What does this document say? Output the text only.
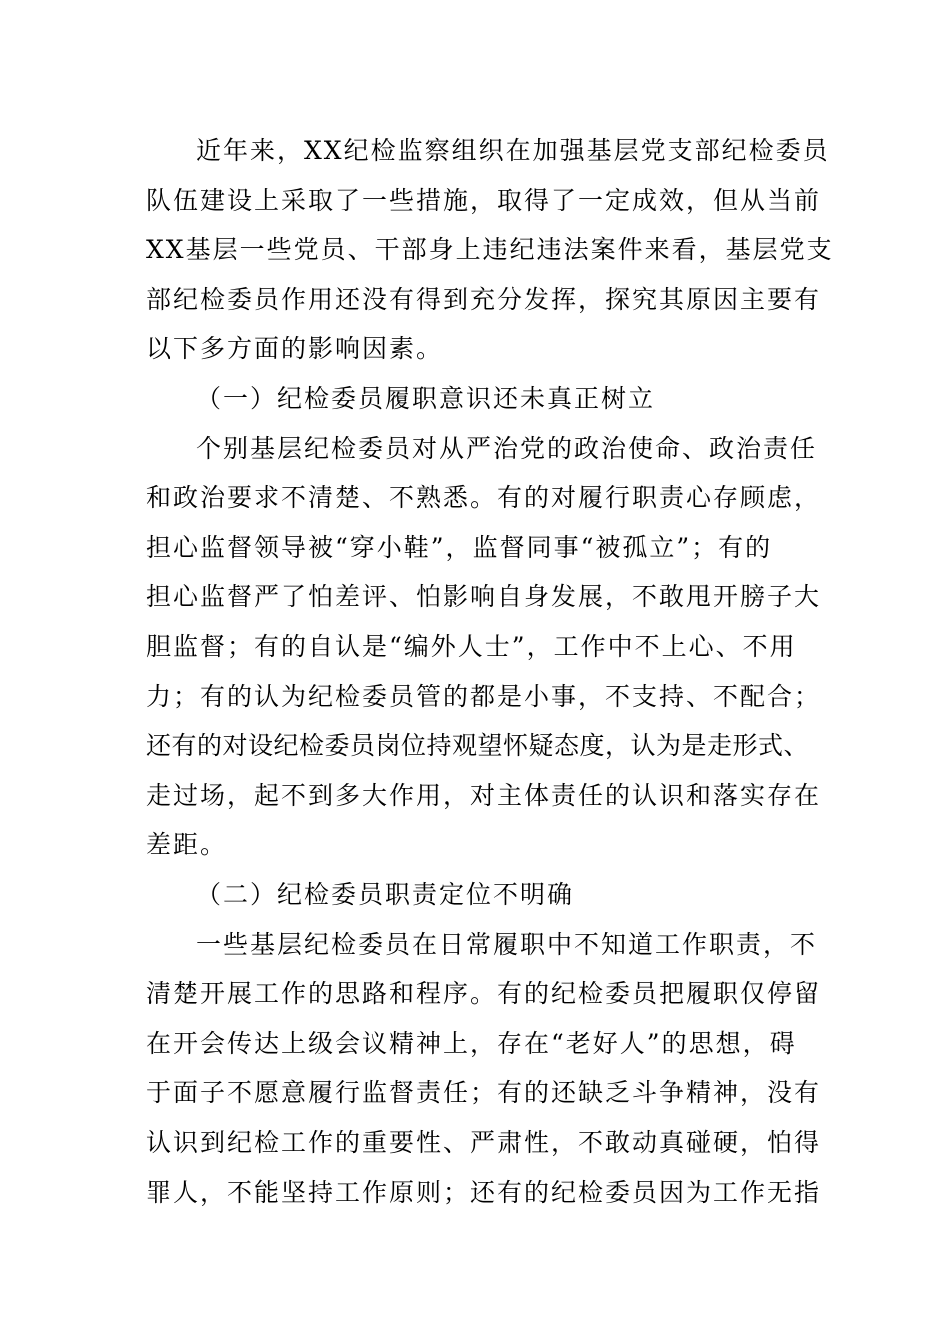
近年来，XX纪检监察组织在加强基层党支部纪检委员
队伍建设上采取了一些措施，取得了一定成效，但从当前
XX基层一些党员、干部身上违纪违法案件来看，基层党支
部纪检委员作用还没有得到充分发挥，探究其原因主要有
以下多方面的影响因素。
（一）纪检委员履职意识还未真正树立
个别基层纪检委员对从严治党的政治使命、政治责任
和政治要求不清楚、不熟悉。有的对履行职责心存顾虑，
担心监督领导被“穿小鞋”，监督同事“被孤立”；有的
担心监督严了怕差评、怕影响自身发展，不敢甩开膀子大
胆监督；有的自认是“编外人士”，工作中不上心、不用
力；有的认为纪检委员管的都是小事，不支持、不配合；
还有的对设纪检委员岗位持观望怀疑态度，认为是走形式、
走过场，起不到多大作用，对主体责任的认识和落实存在
差距。
（二）纪检委员职责定位不明确
一些基层纪检委员在日常履职中不知道工作职责，不
清楚开展工作的思路和程序。有的纪检委员把履职仅停留
在开会传达上级会议精神上，存在“老好人”的思想，碍
于面子不愿意履行监督责任；有的还缺乏斗争精神，没有
认识到纪检工作的重要性、严肃性，不敢动真碰硬，怕得
罪人，不能坚持工作原则；还有的纪检委员因为工作无指
